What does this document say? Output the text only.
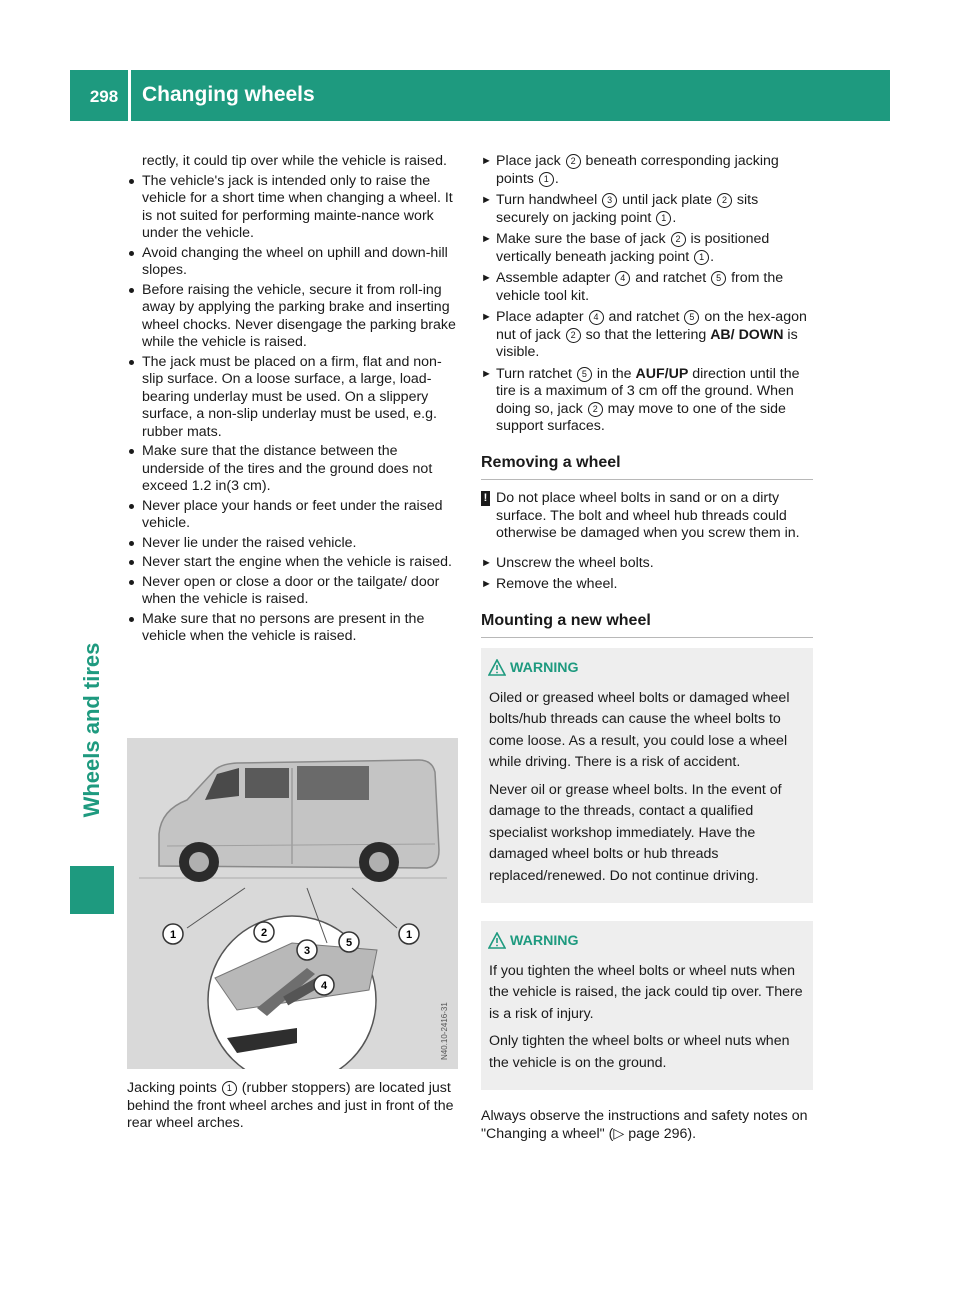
298	Changing wheels
Wheels and tires

rectly, it could tip over while the vehicle is raised.

The vehicle's jack is intended only to raise the vehicle for a short time when changing a wheel. It is not suited for performing mainte-nance work under the vehicle.
Avoid changing the wheel on uphill and down-hill slopes.
Before raising the vehicle, secure it from roll-ing away by applying the parking brake and inserting wheel chocks. Never disengage the parking brake while the vehicle is raised.
The jack must be placed on a firm, flat and non-slip surface. On a loose surface, a large, load-bearing underlay must be used. On a slippery surface, a non-slip underlay must be used, e.g. rubber mats.
Make sure that the distance between the underside of the tires and the ground does not exceed 1.2 in(3 cm).
Never place your hands or feet under the raised vehicle.
Never lie under the raised vehicle.
Never start the engine when the vehicle is raised.
Never open or close a door or the tailgate/ door when the vehicle is raised.
Make sure that no persons are present in the vehicle when the vehicle is raised.
1	2
3
5
1
4
N40.10-2416-31
Jacking points 1 (rubber stoppers) are located just behind the front wheel arches and just in front of the rear wheel arches.
► Place jack 2 beneath corresponding jacking points 1 .
► Turn handwheel 3 until jack plate 2 sits securely on jacking point 1 .
► Make sure the base of jack 2 is positioned vertically beneath jacking point 1 .
► Assemble adapter 4 and ratchet 5 from the vehicle tool kit.
► Place adapter 4 and ratchet 5 on the hex-agon nut of jack 2 so that the lettering AB/ DOWN is visible.
► Turn ratchet 5 in the AUF/UP direction until the tire is a maximum of 3 cm off the ground. When doing so, jack 2 may move to one of the side support surfaces.
Removing a wheel
! Do not place wheel bolts in sand or on a dirty surface. The bolt and wheel hub threads could otherwise be damaged when you screw them in.
► Unscrew the wheel bolts.
► Remove the wheel.
Mounting a new wheel
WARNING

Oiled or greased wheel bolts or damaged wheel bolts/hub threads can cause the wheel bolts to come loose. As a result, you could lose a wheel while driving. There is a risk of accident.

Never oil or grease wheel bolts. In the event of damage to the threads, contact a qualified specialist workshop immediately. Have the damaged wheel bolts or hub threads replaced/renewed. Do not continue driving.

WARNING

If you tighten the wheel bolts or wheel nuts when the vehicle is raised, the jack could tip over. There is a risk of injury.

Only tighten the wheel bolts or wheel nuts when the vehicle is on the ground.

Always observe the instructions and safety notes on "Changing a wheel" (▷ page 296).
